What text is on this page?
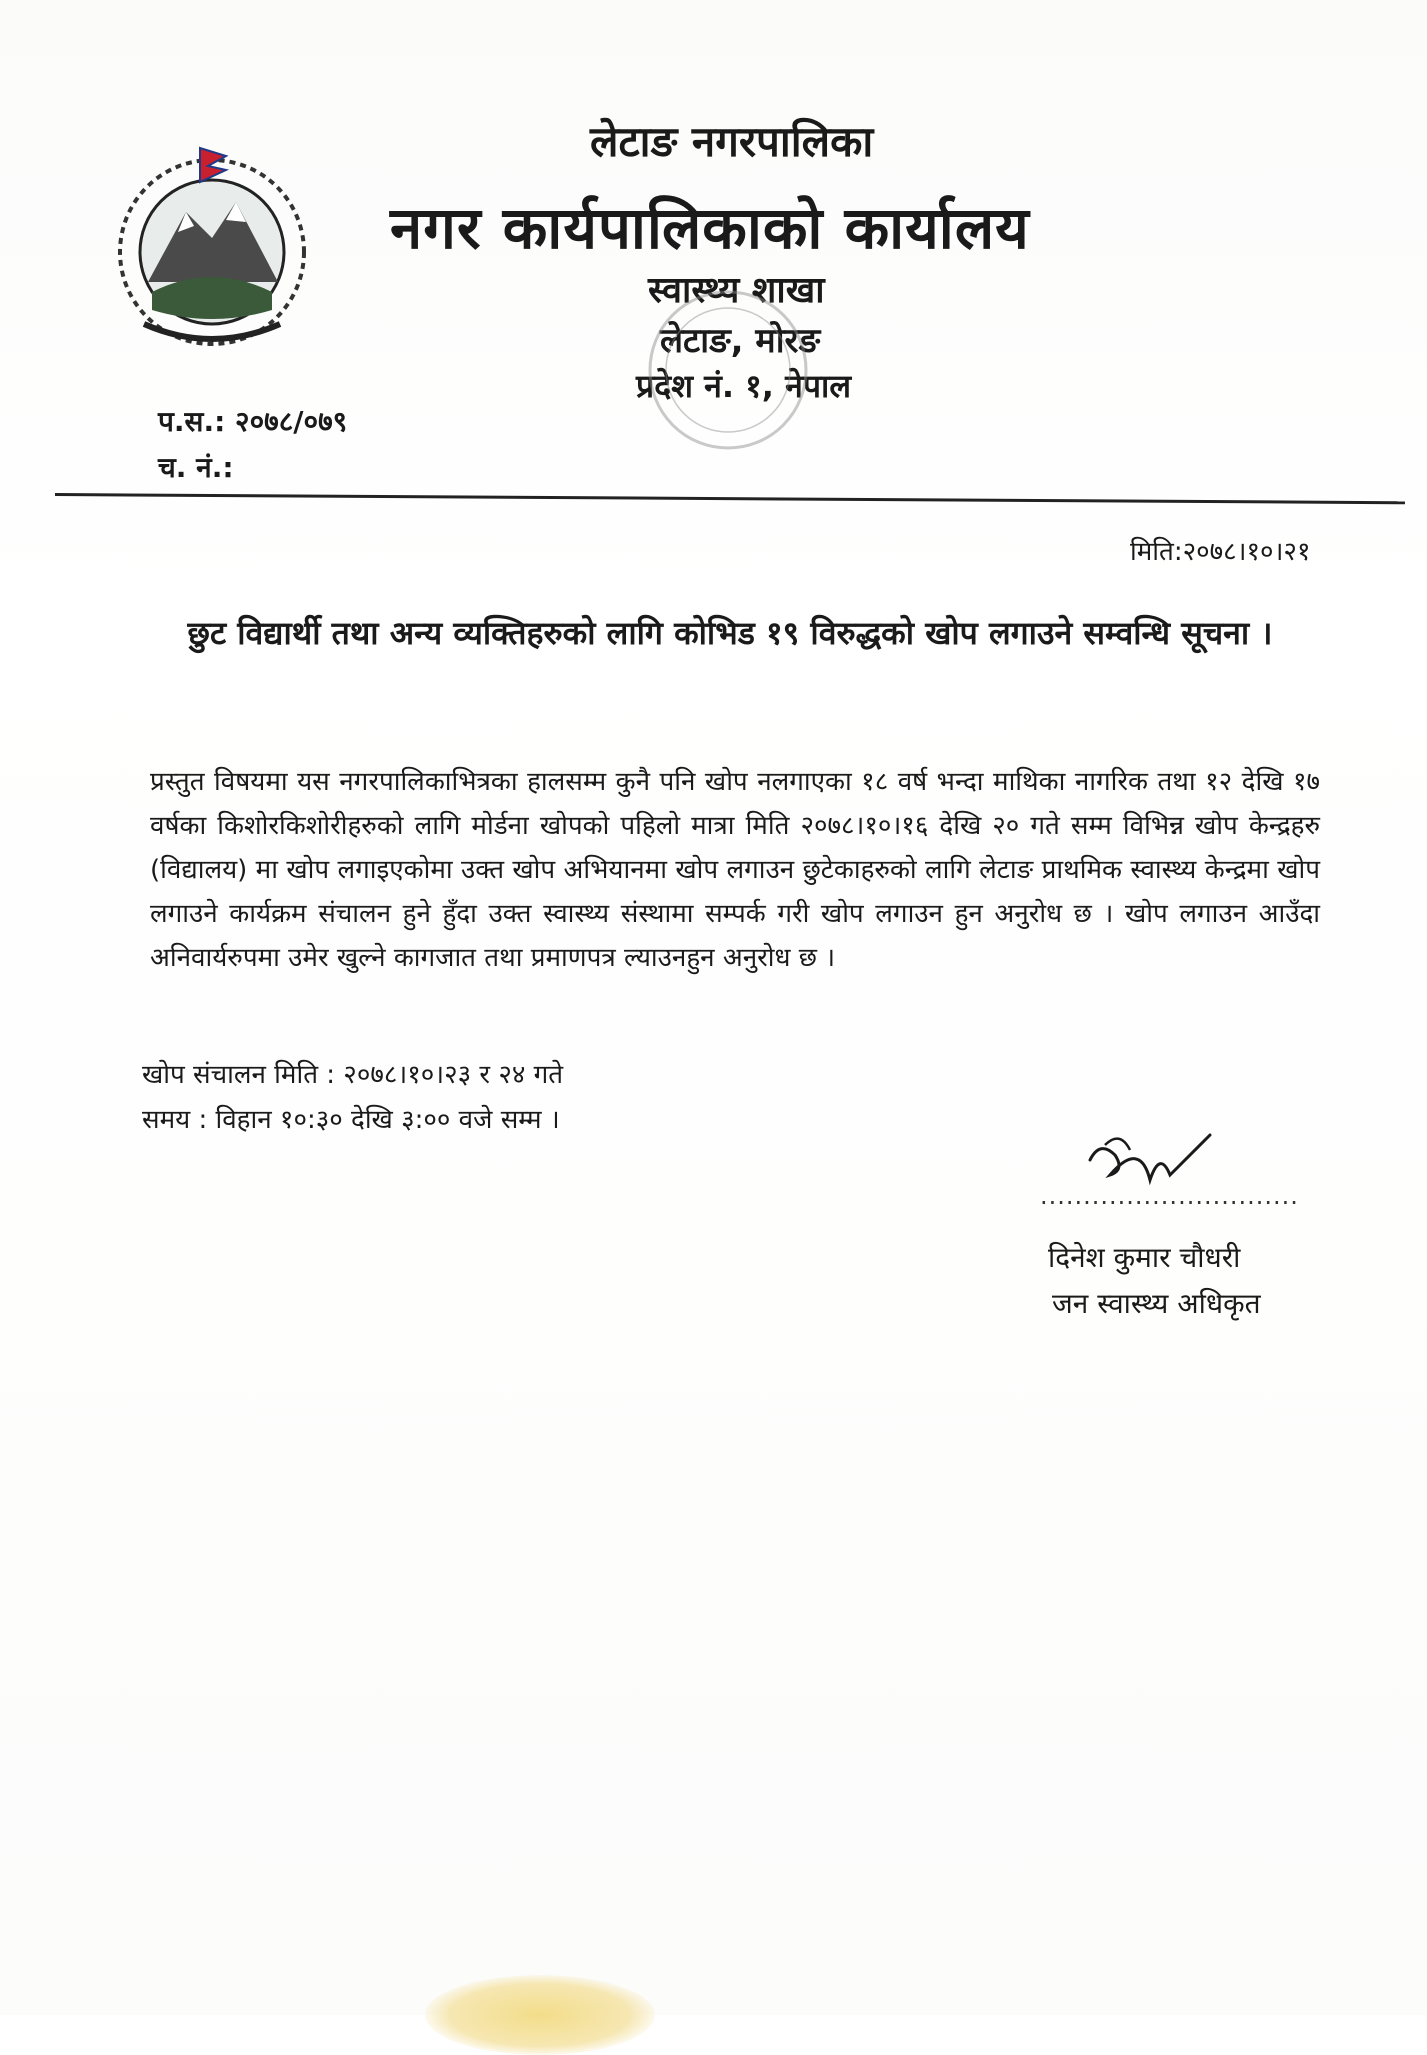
लेटाङ नगरपालिका
नगर कार्यपालिकाको कार्यालय
स्वास्थ्य शाखा
लेटाङ, मोरङ
प्रदेश नं. १, नेपाल
प.स.: २०७८/०७९
च. नं.:
मिति:२०७८।१०।२१
छुट विद्यार्थी तथा अन्य व्यक्तिहरुको लागि कोभिड १९ विरुद्धको खोप लगाउने सम्वन्धि सूचना ।
प्रस्तुत विषयमा यस नगरपालिकाभित्रका हालसम्म कुनै पनि खोप नलगाएका १८ वर्ष भन्दा माथिका नागरिक तथा १२ देखि १७ वर्षका किशोरकिशोरीहरुको लागि मोर्डना खोपको पहिलो मात्रा मिति २०७८।१०।१६ देखि २० गते सम्म विभिन्न खोप केन्द्रहरु (विद्यालय) मा खोप लगाइएकोमा उक्त खोप अभियानमा खोप लगाउन छुटेकाहरुको लागि लेटाङ प्राथमिक स्वास्थ्य केन्द्रमा खोप लगाउने कार्यक्रम संचालन हुने हुँदा उक्त स्वास्थ्य संस्थामा सम्पर्क गरी खोप लगाउन हुन अनुरोध छ । खोप लगाउन आउँदा अनिवार्यरुपमा उमेर खुल्ने कागजात तथा प्रमाणपत्र ल्याउनहुन अनुरोध छ ।
खोप संचालन मिति : २०७८।१०।२३ र २४ गते
समय : विहान १०:३० देखि ३:०० वजे सम्म ।
..............................
दिनेश कुमार चौधरी
जन स्वास्थ्य अधिकृत
